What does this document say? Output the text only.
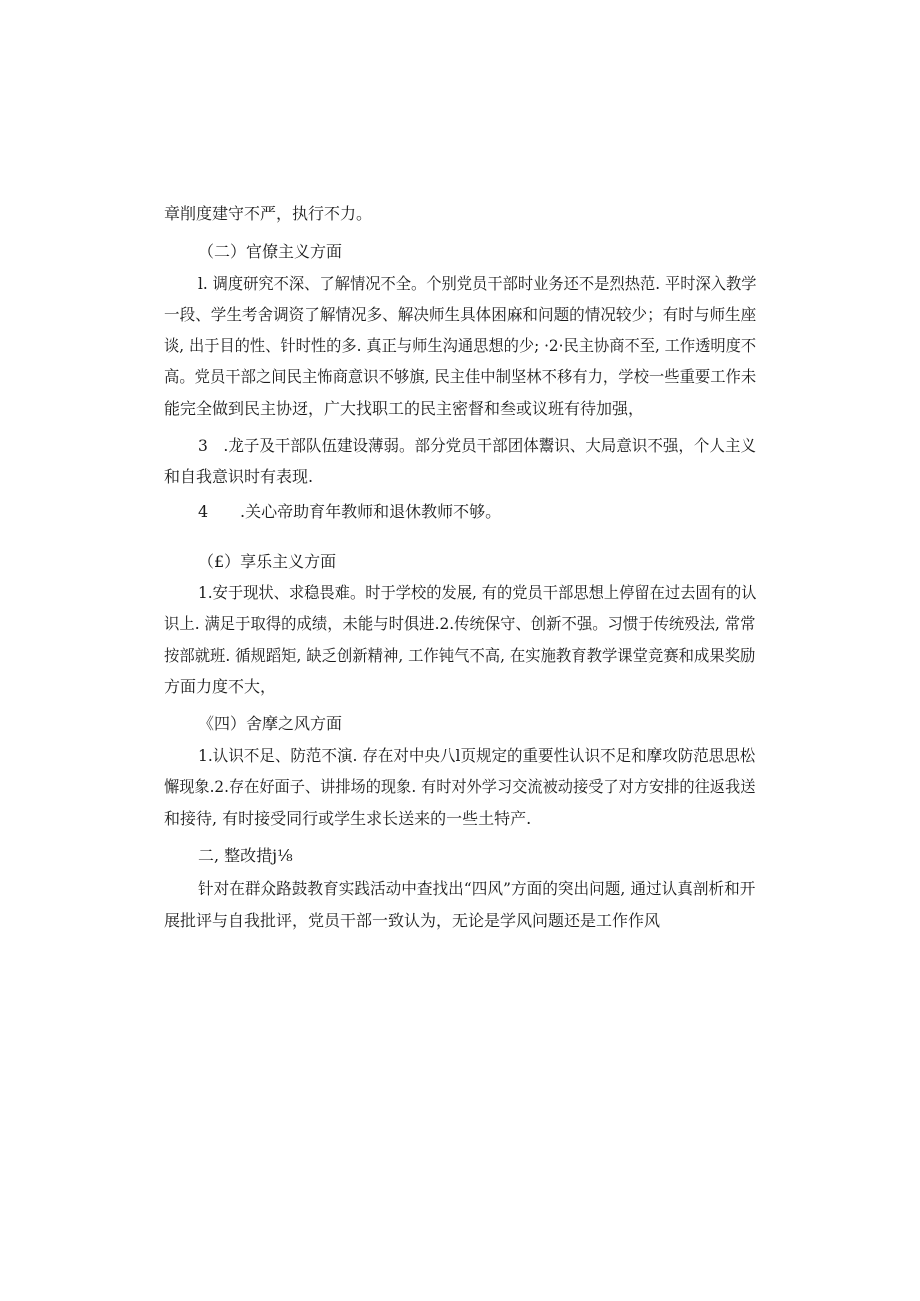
章削度建守不严，执行不力。
（二）官僚主义方面
l. 调度研究不深、了解情况不全。个别党员干部时业务还不是烈热范. 平时深入教学
一段、学生考舍调资了解情况多、解决师生具体困麻和问题的情况较少；有时与师生座
谈, 出于目的性、针时性的多. 真正与师生沟通思想的少; ·2·民主协商不至, 工作透明度不
高。党员干部之间民主怖商意识不够旗, 民主佳中制坚林不移有力，学校一些重要工作未
能完全做到民主协迓，广大找职工的民主密督和叁或议班有待加强，
3　.龙子及干部队伍建设薄弱。部分党员干部团体鬻识、大局意识不强，个人主义
和自我意识时有表现.
4 .关心帝助育年教师和退休教师不够。
（£）享乐主义方面
1.安于现状、求稳畏难。时于学校的发展, 有的党员干部思想上停留在过去固有的认
识上. 满足于取得的成绩，未能与时俱进.2.传统保守、创新不强。习惯于传统殁法, 常常
按部就班. 循规蹈矩, 缺乏创新精神, 工作钝气不高, 在实施教育教学课堂竞赛和成果奖励
方面力度不大，
《四）舍摩之风方面
1.认识不足、防范不演. 存在对中央八l页规定的重要性认识不足和摩攻防范思思松
懈现象.2.存在好面子、讲排场的现象. 有时对外学习交流被动接受了对方安排的往返我送
和接待, 有时接受同行或学生求长送来的一些土特产.
二, 整改措j⅛
针对在群众路鼓教育实践活动中查找出“四风”方面的突出问题, 通过认真剖析和开
展批评与自我批评，党员干部一致认为，无论是学风问题还是工作作风
